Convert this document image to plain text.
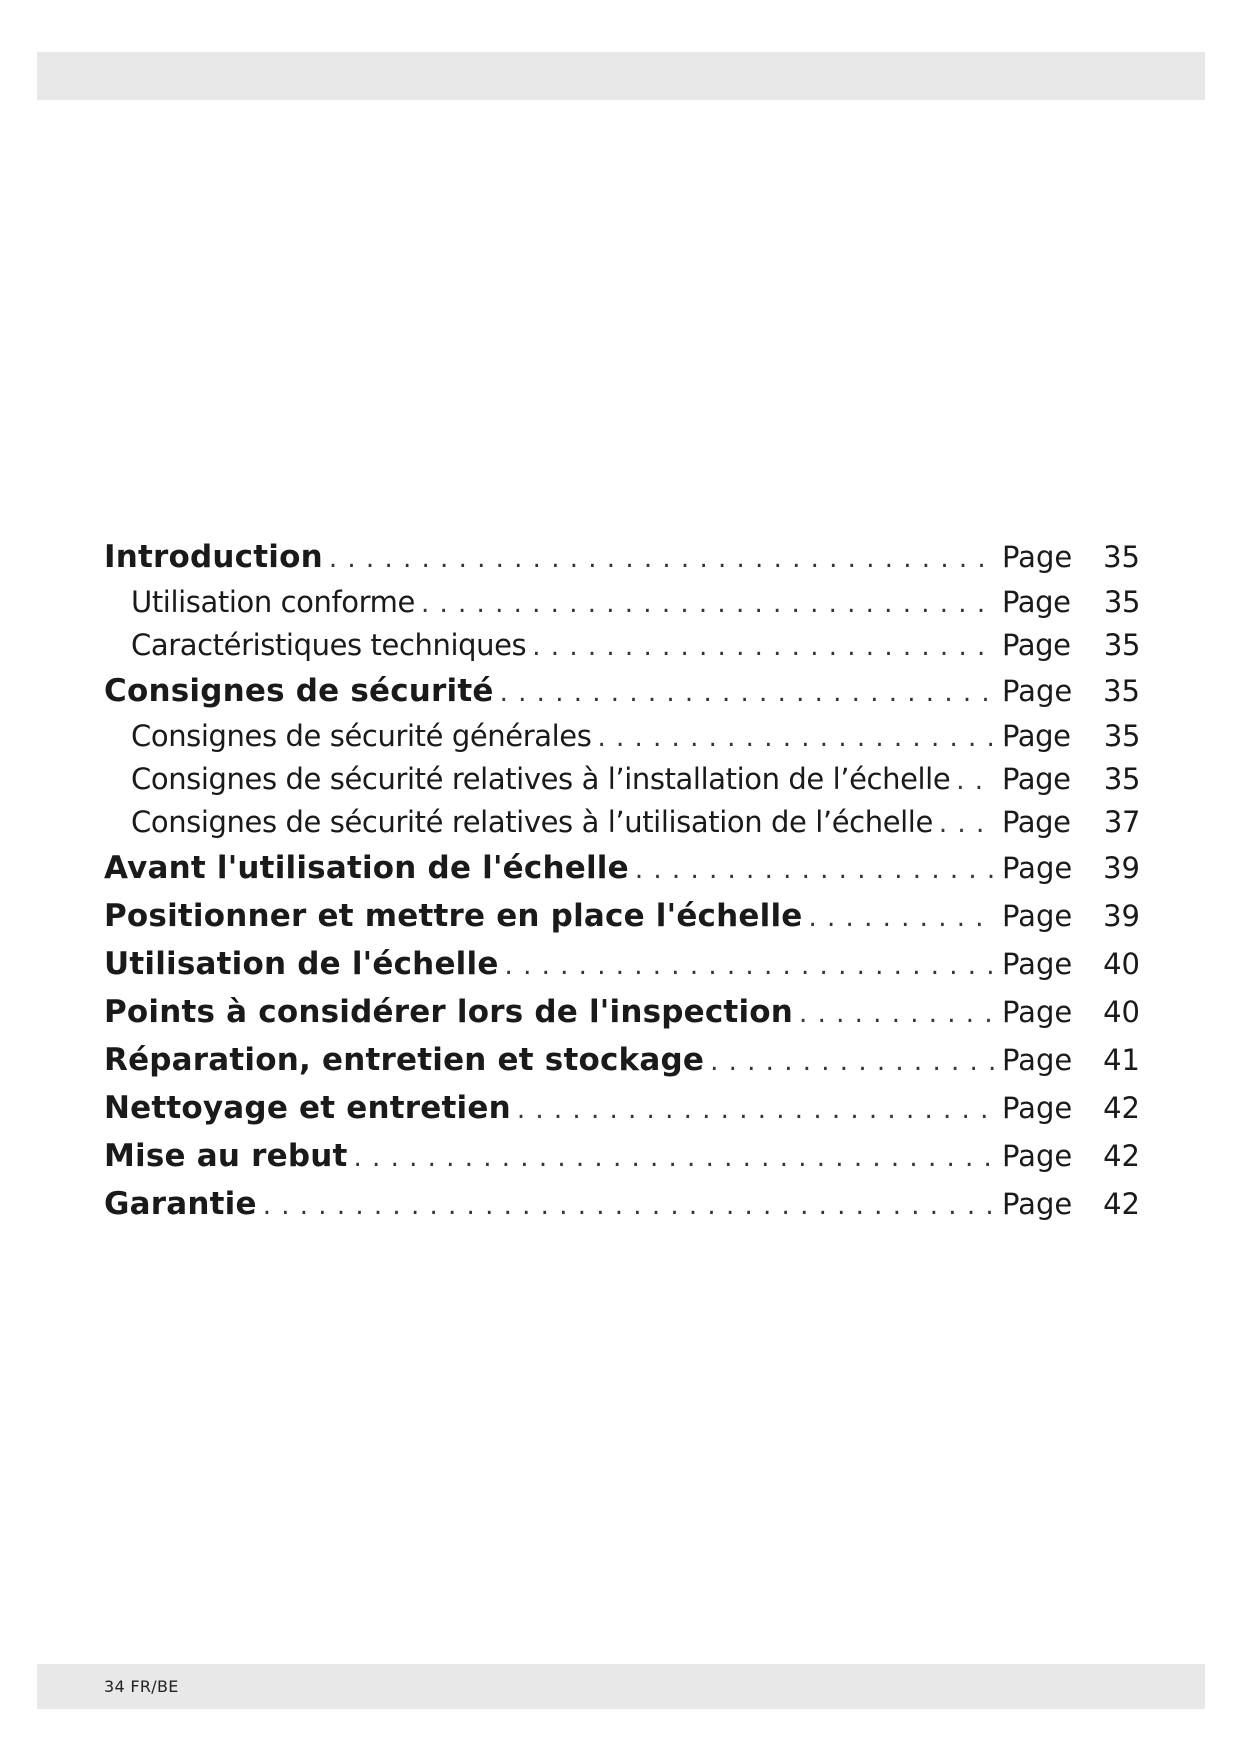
Introduction . . .	Page	35
Utilisation conforme . . .	Page	35
Caractéristiques techniques . . .	Page	35
Consignes de sécurité . . .	Page	35
Consignes de sécurité générales . . .	Page	35
Consignes de sécurité relatives à l’installation de l’échelle . . . Page	35
Consignes de sécurité relatives à l’utilisation de l’échelle . . . Page	37
Avant l'utilisation de l'échelle . . .	Page	39
Positionner et mettre en place l'échelle . . .	Page	39
Utilisation de l'échelle . . .	Page	40
Points à considérer lors de l'inspection . . .	Page	40
Réparation, entretien et stockage . . .	Page	41
Nettoyage et entretien . . .	Page	42
Mise au rebut . . .	Page	42
Garantie . . .	Page	42
34 FR/BE
